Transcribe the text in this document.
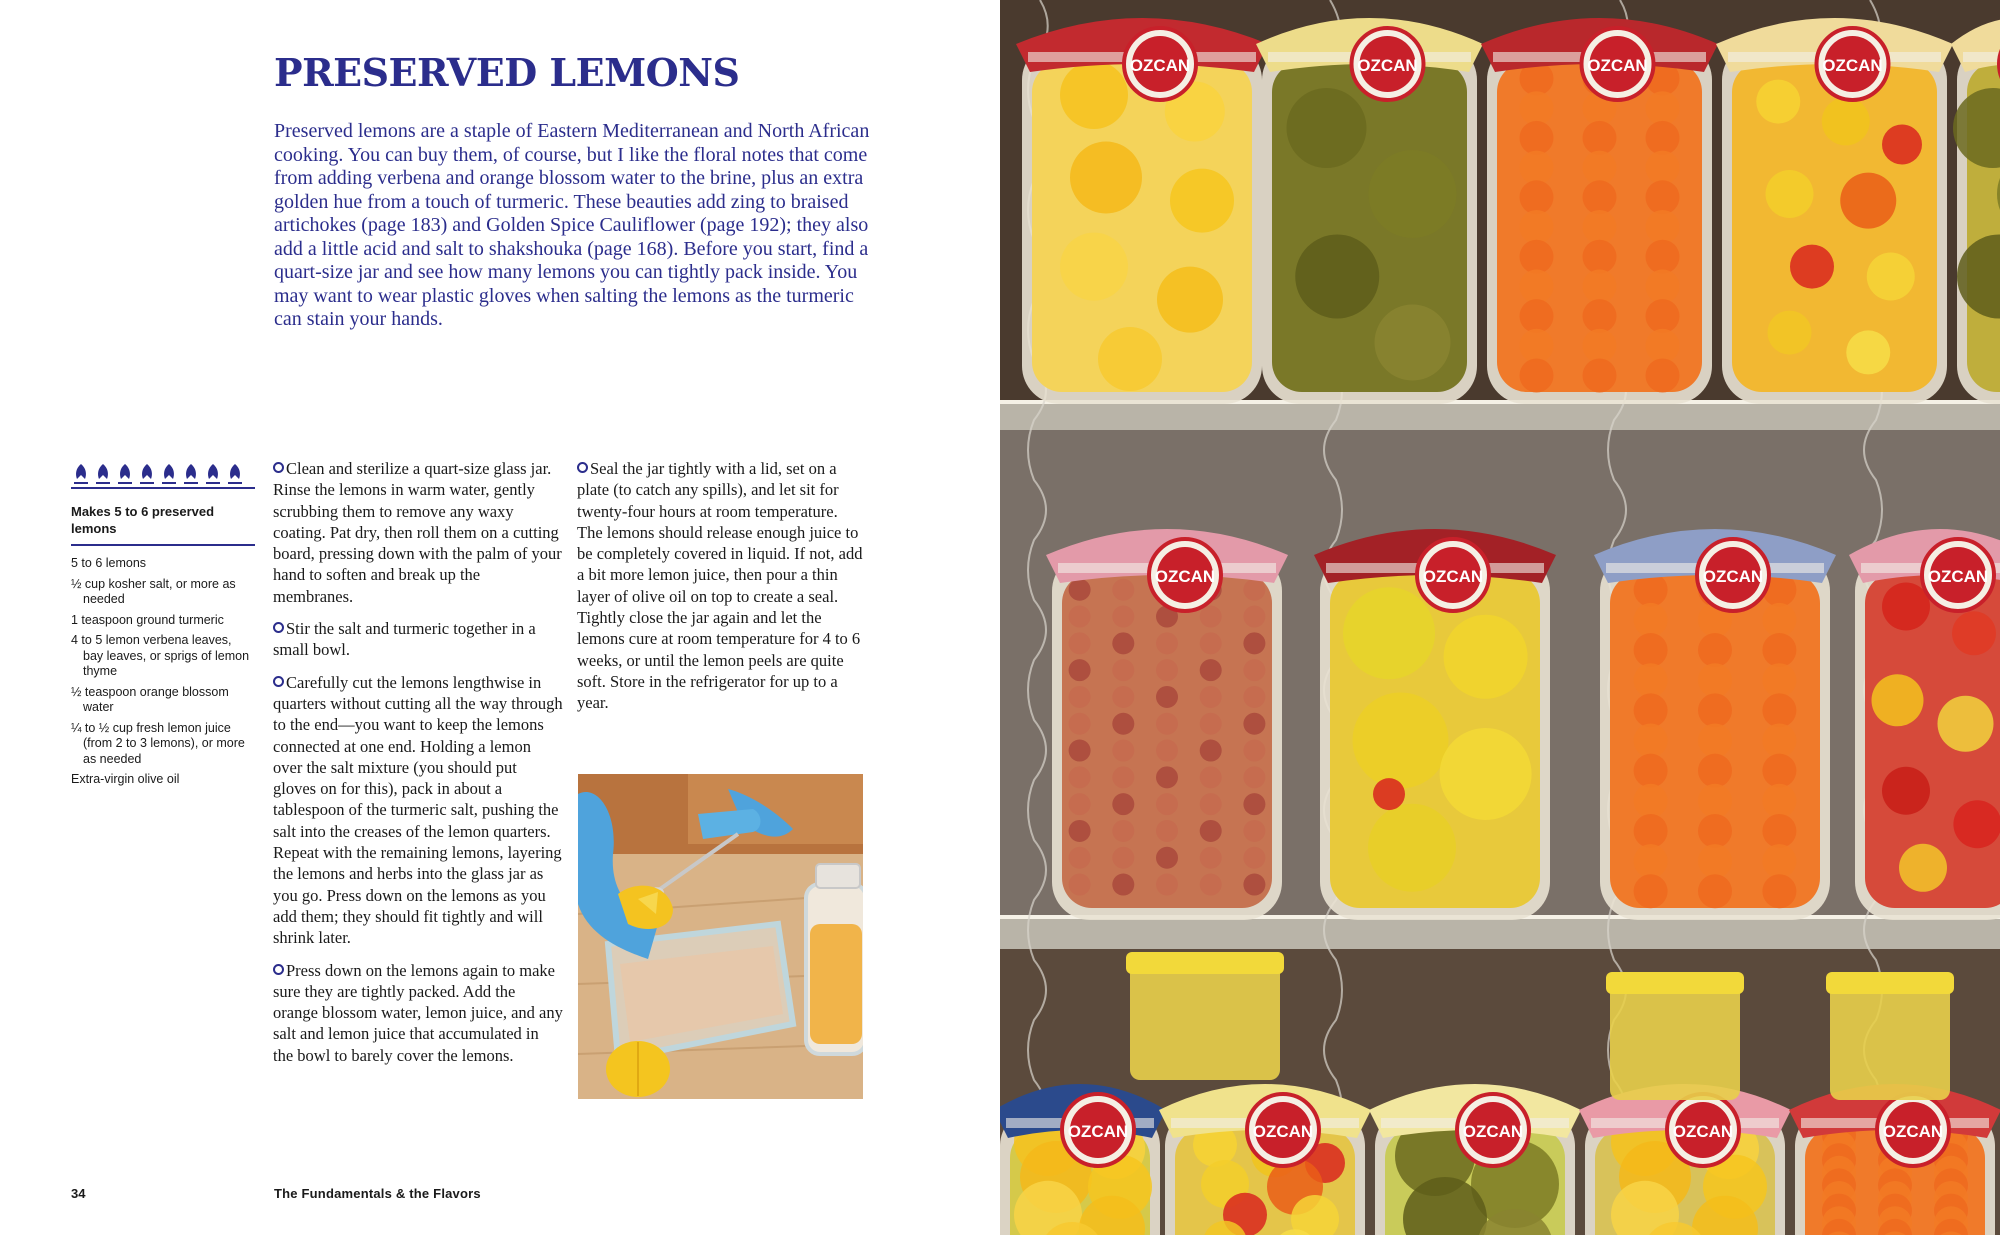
PRESERVED LEMONS

Preserved lemons are a staple of Eastern Mediterranean and North African cooking. You can buy them, of course, but I like the floral notes that come from adding verbena and orange blossom water to the brine, plus an extra golden hue from a touch of turmeric. These beauties add zing to braised artichokes (page 183) and Golden Spice Cauliflower (page 192); they also add a little acid and salt to shakshouka (page 168). Before you start, find a quart-size jar and see how many lemons you can tightly pack inside. You may want to wear plastic gloves when salting the lemons as the turmeric can stain your hands.

Makes 5 to 6 preserved lemons
5 to 6 lemons
½ cup kosher salt, or more as needed
1 teaspoon ground turmeric
4 to 5 lemon verbena leaves, bay leaves, or sprigs of lemon thyme
½ teaspoon orange blossom water
¼ to ½ cup fresh lemon juice (from 2 to 3 lemons), or more as needed
Extra-virgin olive oil

Clean and sterilize a quart-size glass jar. Rinse the lemons in warm water, gently scrubbing them to remove any waxy coating. Pat dry, then roll them on a cutting board, pressing down with the palm of your hand to soften and break up the membranes.

Stir the salt and turmeric together in a small bowl.

Carefully cut the lemons lengthwise in quarters without cutting all the way through to the end—you want to keep the lemons connected at one end. Holding a lemon over the salt mixture (you should put gloves on for this), pack in about a tablespoon of the turmeric salt, pushing the salt into the creases of the lemon quarters. Repeat with the remaining lemons, layering the lemons and herbs into the glass jar as you go. Press down on the lemons as you add them; they should fit tightly and will shrink later.

Press down on the lemons again to make sure they are tightly packed. Add the orange blossom water, lemon juice, and any salt and lemon juice that accumulated in the bowl to barely cover the lemons.

Seal the jar tightly with a lid, set on a plate (to catch any spills), and let sit for twenty-four hours at room temperature. The lemons should release enough juice to be completely covered in liquid. If not, add a bit more lemon juice, then pour a thin layer of olive oil on top to create a seal. Tightly close the jar again and let the lemons cure at room temperature for 4 to 6 weeks, or until the lemon peels are quite soft. Store in the refrigerator for up to a year.

34	The Fundamentals & the Flavors
OZCAN	OZCAN	OZCAN	OZCAN
OZCAN	OZCAN	OZCAN	OZCAN
OZCAN	OZCAN	OZCAN	OZCAN	OZCAN
